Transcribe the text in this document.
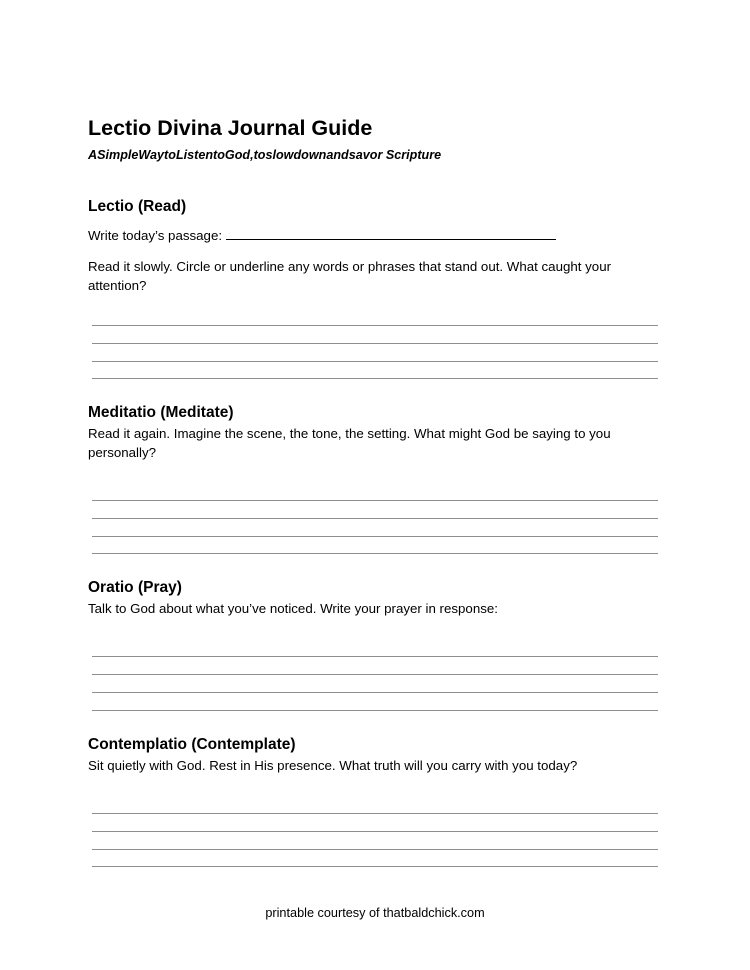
Lectio Divina Journal Guide
ASimpleWaytoListentoGod,toslowdownandsavor Scripture
Lectio (Read)
Write today’s passage:
Read it slowly. Circle or underline any words or phrases that stand out. What caught your attention?
Meditatio (Meditate)
Read it again. Imagine the scene, the tone, the setting. What might God be saying to you personally?
Oratio (Pray)
Talk to God about what you’ve noticed. Write your prayer in response:
Contemplatio (Contemplate)
Sit quietly with God. Rest in His presence. What truth will you carry with you today?
printable courtesy of thatbaldchick.com
